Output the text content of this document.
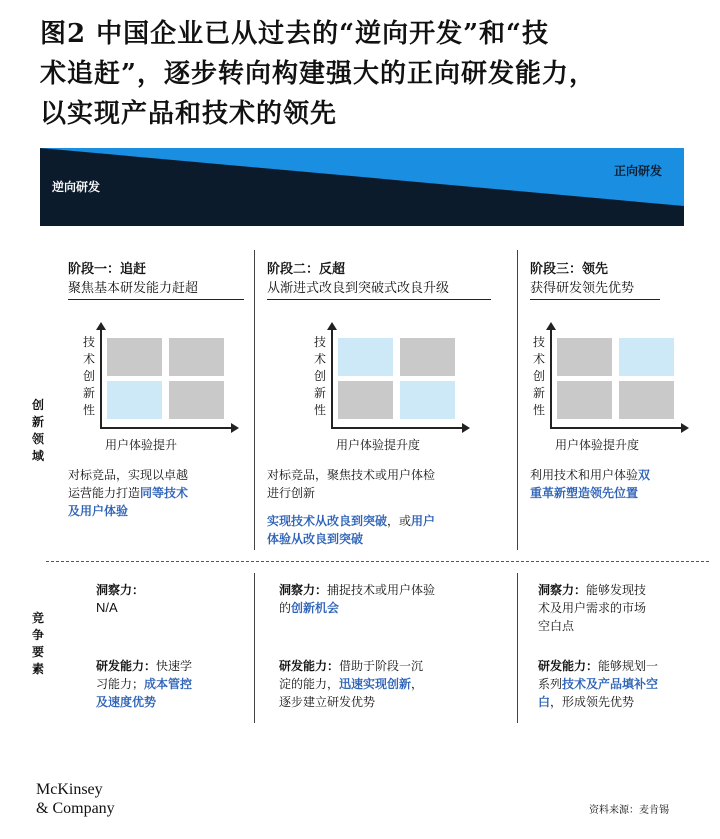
图2 中国企业已从过去的“逆向开发”和“技
术追赶”，逐步转向构建强大的正向研发能力，
以实现产品和技术的领先
逆向研发
正向研发
创
新
领
域
竞
争
要
素
阶段一：追赶
聚焦基本研发能力赶超
技
术
创
新
性
用户体验提升
对标竞品，实现以卓越
运营能力打造同等技术
及用户体验
洞察力：
N/A
研发能力：快速学
习能力；成本管控
及速度优势
阶段二：反超
从渐进式改良到突破式改良升级
技
术
创
新
性
用户体验提升度
对标竞品，聚焦技术或用户体检
进行创新
实现技术从改良到突破，或用户
体验从改良到突破
洞察力：捕捉技术或用户体验
的创新机会
研发能力：借助于阶段一沉
淀的能力，迅速实现创新，
逐步建立研发优势
阶段三：领先
获得研发领先优势
技
术
创
新
性
用户体验提升度
利用技术和用户体验双
重革新塑造领先位置
洞察力：能够发现技
术及用户需求的市场
空白点
研发能力：能够规划一
系列技术及产品填补空
白，形成领先优势
McKinsey
& Company	资料来源：麦肯锡
